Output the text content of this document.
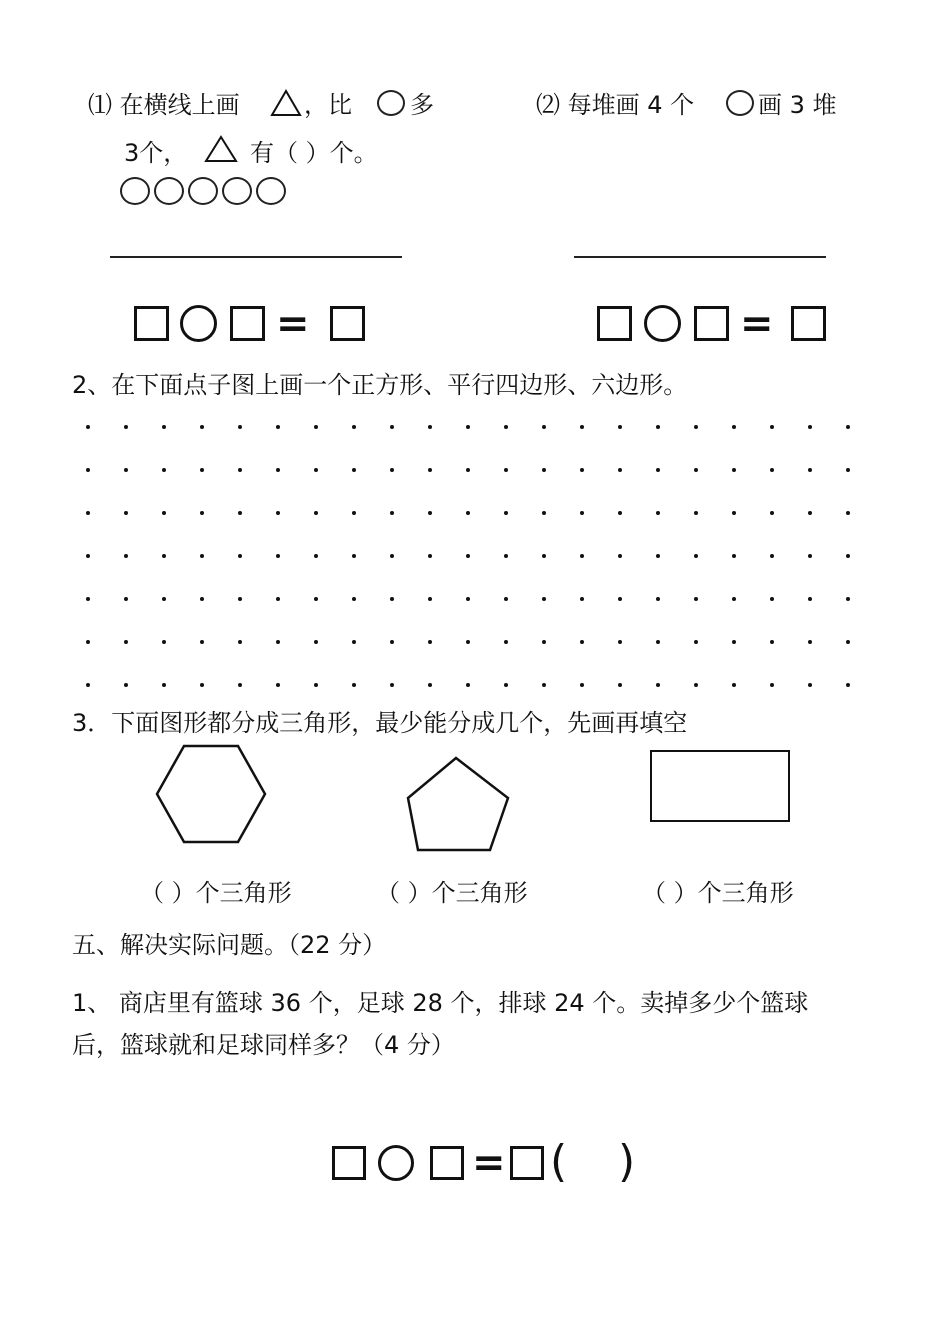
⑴ 在横线上画	，比 多
3个，	有（ ）个。
⑵ 每堆画 4 个	画 3 堆
=	=
2、在下面点子图上画一个正方形、平行四边形、六边形。
3．下面图形都分成三角形，最少能分成几个，先画再填空
（ ）个三角形	（ ）个三角形	（ ）个三角形
五、解决实际问题。（22 分）
1、 商店里有篮球 36 个，足球 28 个，排球 24 个。卖掉多少个篮球
后，篮球就和足球同样多？（4 分）
= ( )
